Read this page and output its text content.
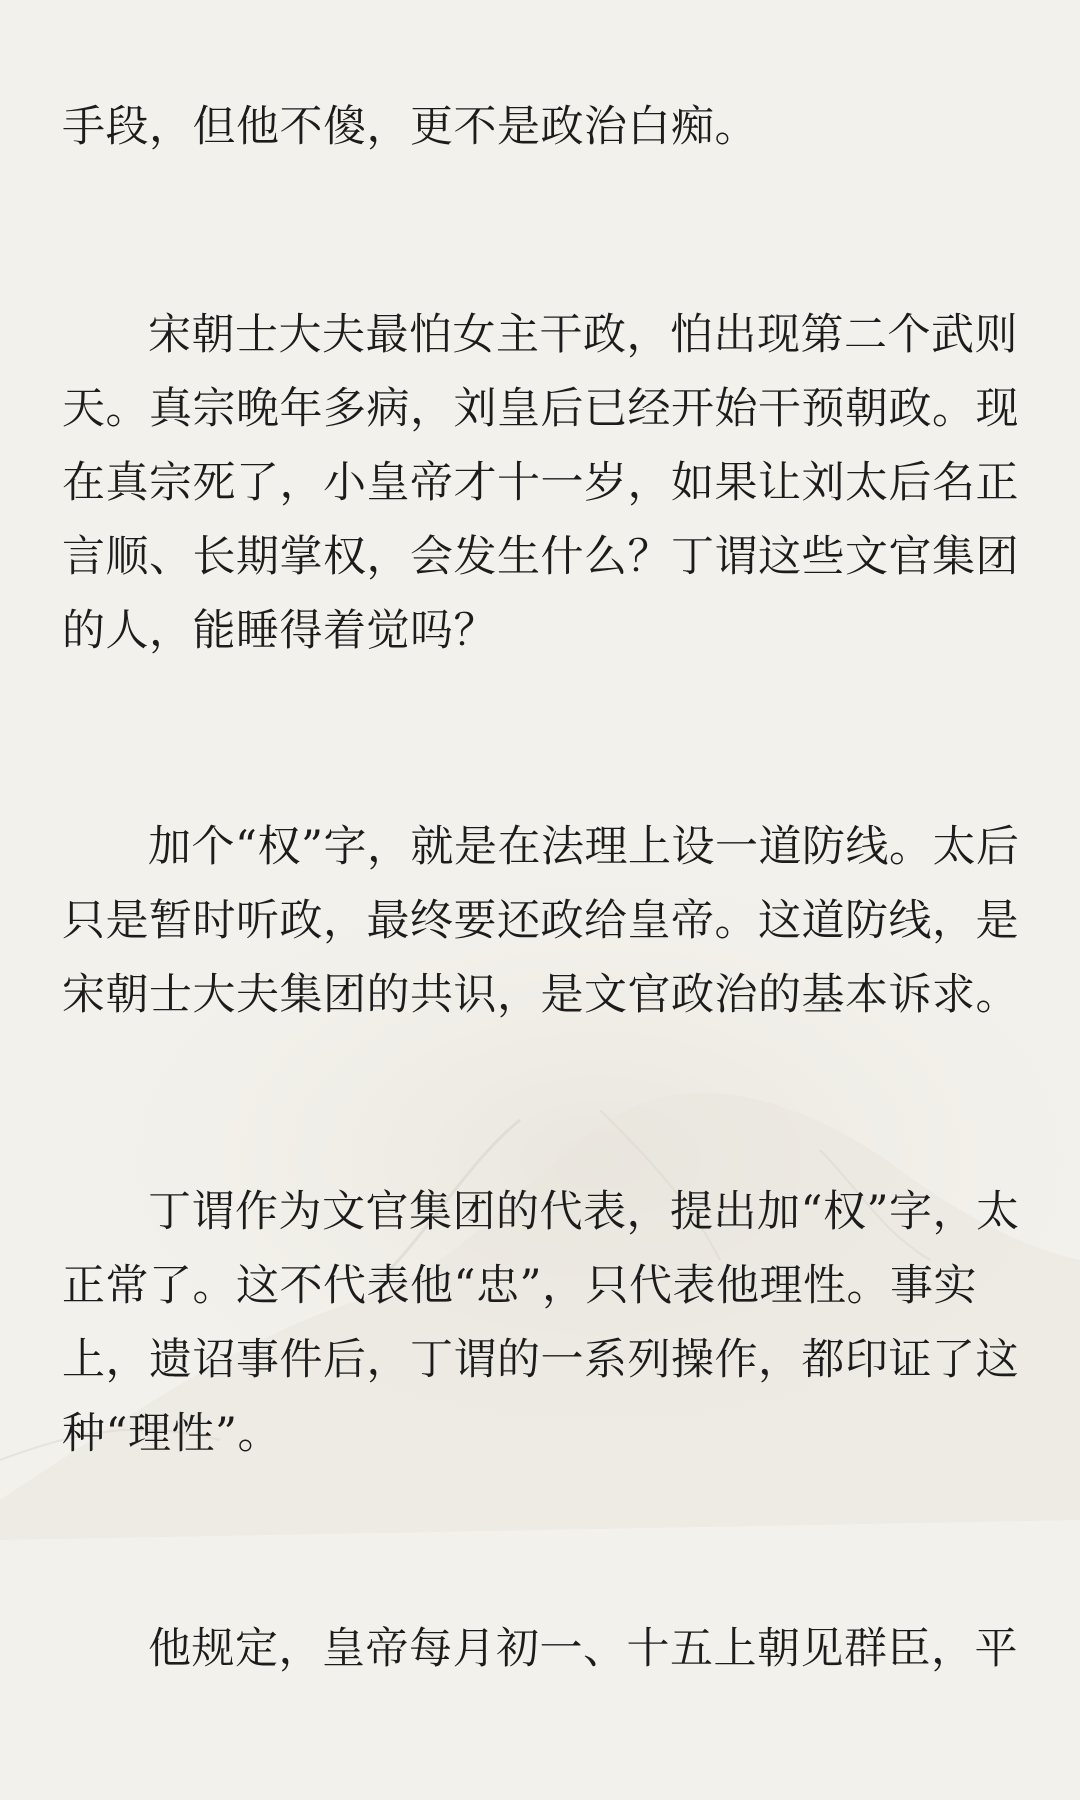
手段，但他不傻，更不是政治白痴。

宋朝士大夫最怕女主干政，怕出现第二个武则
天。真宗晚年多病，刘皇后已经开始干预朝政。现
在真宗死了，小皇帝才十一岁，如果让刘太后名正
言顺、长期掌权，会发生什么？丁谓这些文官集团
的人，能睡得着觉吗？

加个“权”字，就是在法理上设一道防线。太后
只是暂时听政，最终要还政给皇帝。这道防线，是
宋朝士大夫集团的共识，是文官政治的基本诉求。

丁谓作为文官集团的代表，提出加“权”字，太
正常了。这不代表他“忠”，只代表他理性。事实
上，遗诏事件后，丁谓的一系列操作，都印证了这
种“理性”。

他规定，皇帝每月初一、十五上朝见群臣，平
